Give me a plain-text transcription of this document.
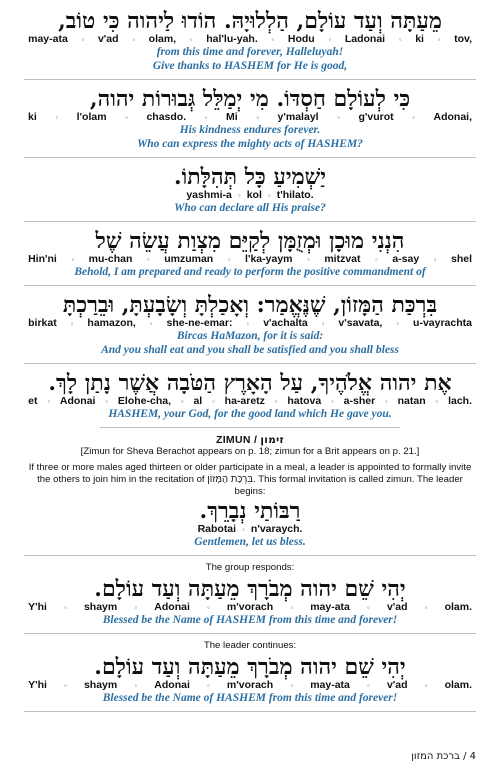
מֵעַתָּה וְעַד עוֹלָם, הַלְלוּיָהּ. הוֹדוּ לַיהוה כִּי טוֹב,
tov,
◦
ki
◦
Ladonai
◦
Hodu
◦
hal'lu-yah.
◦
olam,
◦
v'ad
◦
may-ata
from this time and forever, Halleluyah!
Give thanks to HASHEM for He is good,
כִּי לְעוֹלָם חַסְדּוֹ. מִי יְמַלֵּל גְּבוּרוֹת יהוה,
Adonai,
◦
g'vurot
◦
y'malayl
◦
Mi
◦
chasdo.
◦
l'olam
◦
ki
His kindness endures forever.
Who can express the mighty acts of HASHEM?
יַשְׁמִיעַ כָּל תְּהִלָּתוֹ.
t'hilato.
◦
kol
◦
yashmi-a
Who can declare all His praise?
הִנְנִי מוּכָן וּמְזֻמָּן לְקַיֵּם מִצְוַת עֲשֵׂה שֶׁל
shel
◦
a-say
◦
mitzvat
◦
l'ka-yaym
◦
umzuman
◦
mu-chan
◦
Hin'ni
Behold, I am prepared and ready to perform the positive commandment of
בִּרְכַּת הַמָּזוֹן, שֶׁנֶּאֱמַר: וְאָכַלְתָּ וְשָׂבָעְתָּ, וּבֵרַכְתָּ
u-vayrachta
◦
v'savata,
◦
v'achalta
◦
she-ne-emar:
◦
hamazon,
◦
birkat
Bircas HaMazon, for it is said:
And you shall eat and you shall be satisfied and you shall bless
אֶת יהוה אֱלֹהֶיךָ, עַל הָאָרֶץ הַטֹּבָה אֲשֶׁר נָתַן לָךְ.
lach.
◦
natan
◦
a-sher
◦
hatova
◦
ha-aretz
◦
al
◦
Elohe-cha,
◦
Adonai
◦
et
HASHEM, your God, for the good land which He gave you.
ZIMUN / זימון
[Zimun for Sheva Berachot appears on p. 18; zimun for a Brit appears on p. 21.]
If three or more males aged thirteen or older participate in a meal, a leader is appointed to formally invite the others to join him in the recitation of בִּרְכַּת הַמָּזוֹן. This formal invitation is called zimun. The leader begins:
רַבּוֹתַי נְבָרֵךְ.
n'varaych.
◦
Rabotai
Gentlemen, let us bless.
The group responds:
יְהִי שֵׁם יהוה מְבֹרָךְ מֵעַתָּה וְעַד עוֹלָם.
olam.
◦
v'ad
◦
may-ata
◦
m'vorach
◦
Adonai
◦
shaym
◦
Y'hi
Blessed be the Name of HASHEM from this time and forever!
The leader continues:
יְהִי שֵׁם יהוה מְבֹרָךְ מֵעַתָּה וְעַד עוֹלָם.
olam.
◦
v'ad
◦
may-ata
◦
m'vorach
◦
Adonai
◦
shaym
◦
Y'hi
Blessed be the Name of HASHEM from this time and forever!
4 / ברכת המזון
